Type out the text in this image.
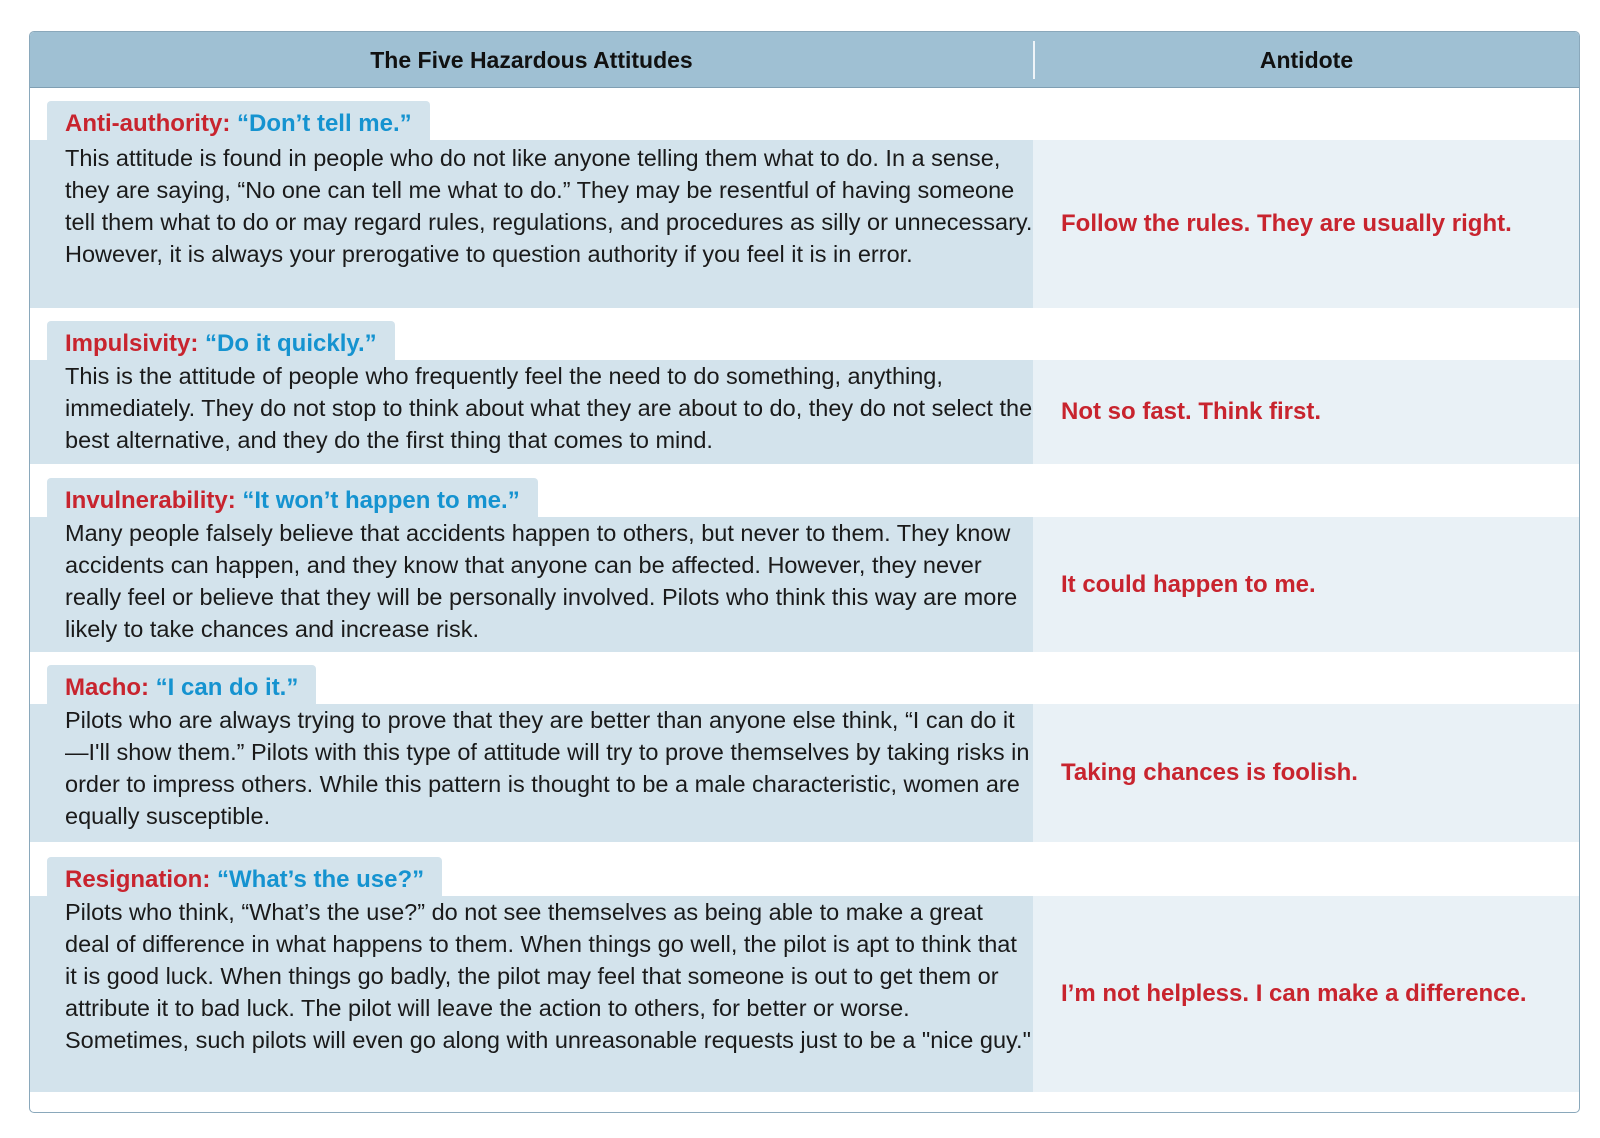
The Five Hazardous Attitudes	Antidote
Anti-authority: “Don’t tell me.”
This attitude is found in people who do not like anyone telling them what to do. In a sense, they are saying, “No one can tell me what to do.” They may be resentful of having someone tell them what to do or may regard rules, regulations, and procedures as silly or unnecessary. However, it is always your prerogative to question authority if you feel it is in error.
Follow the rules. They are usually right.
Impulsivity: “Do it quickly.”
This is the attitude of people who frequently feel the need to do something, anything, immediately. They do not stop to think about what they are about to do, they do not select the best alternative, and they do the first thing that comes to mind.
Not so fast. Think first.
Invulnerability: “It won’t happen to me.”
Many people falsely believe that accidents happen to others, but never to them. They know accidents can happen, and they know that anyone can be affected. However, they never really feel or believe that they will be personally involved. Pilots who think this way are more likely to take chances and increase risk.
It could happen to me.
Macho: “I can do it.”
Pilots who are always trying to prove that they are better than anyone else think, “I can do it—I'll show them.” Pilots with this type of attitude will try to prove themselves by taking risks in order to impress others. While this pattern is thought to be a male characteristic, women are equally susceptible.
Taking chances is foolish.
Resignation: “What’s the use?”
Pilots who think, “What’s the use?” do not see themselves as being able to make a great deal of difference in what happens to them. When things go well, the pilot is apt to think that it is good luck. When things go badly, the pilot may feel that someone is out to get them or attribute it to bad luck. The pilot will leave the action to others, for better or worse. Sometimes, such pilots will even go along with unreasonable requests just to be a "nice guy."
I’m not helpless. I can make a difference.
